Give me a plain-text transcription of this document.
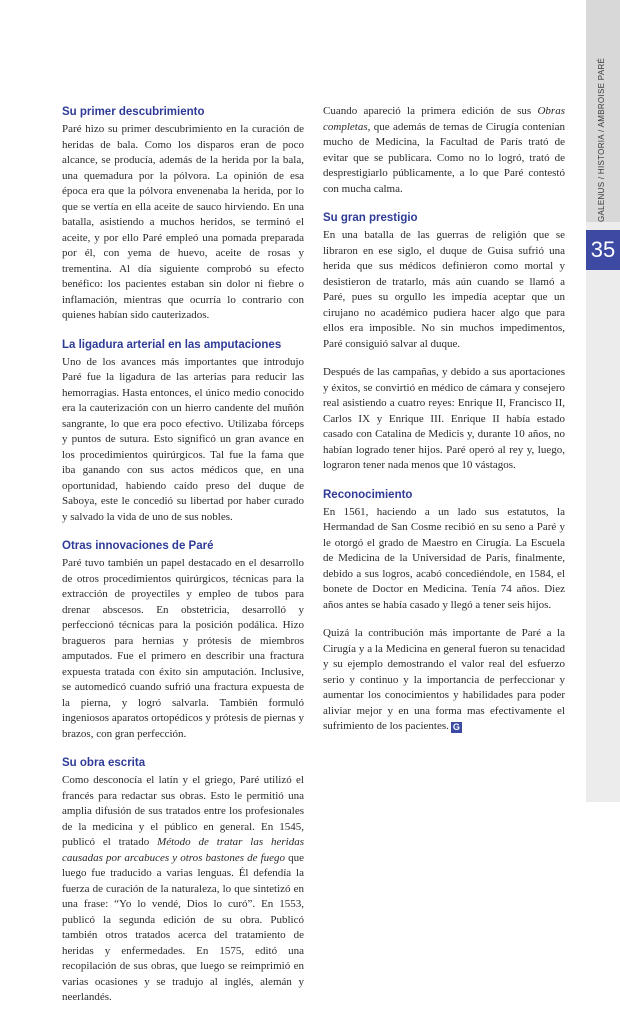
GALENUS / HISTORIA / AMBROISE PARÉ
35
Su primer descubrimiento

Paré hizo su primer descubrimiento en la curación de heridas de bala. Como los disparos eran de poco alcance, se producía, además de la herida por la bala, una quemadura por la pólvora. La opinión de esa época era que la pólvora envenenaba la herida, por lo que se vertía en ella aceite de sauco hirviendo. En una batalla, asistiendo a muchos heridos, se terminó el aceite, y por ello Paré empleó una pomada preparada por él, con yema de huevo, aceite de rosas y trementina. Al día siguiente comprobó su efecto benéfico: los pacientes estaban sin dolor ni fiebre o inflamación, mientras que ocurría lo contrario con quienes habían sido cauterizados.

La ligadura arterial en las amputaciones

Uno de los avances más importantes que introdujo Paré fue la ligadura de las arterias para reducir las hemorragias. Hasta entonces, el único medio conocido era la cauterización con un hierro candente del muñón sangrante, lo que era poco efectivo. Utilizaba fórceps y puntos de sutura. Esto significó un gran avance en los procedimientos quirúrgicos. Tal fue la fama que iba ganando con sus actos médicos que, en una oportunidad, habiendo caído preso del duque de Saboya, este le concedió su libertad por haber curado y salvado la vida de uno de sus nobles.

Otras innovaciones de Paré

Paré tuvo también un papel destacado en el desarrollo de otros procedimientos quirúrgicos, técnicas para la extracción de proyectiles y empleo de tubos para drenar abscesos. En obstetricia, desarrolló y perfeccionó técnicas para la posición podálica. Hizo bragueros para hernias y prótesis de miembros amputados. Fue el primero en describir una fractura expuesta tratada con éxito sin amputación. Inclusive, se automedicó cuando sufrió una fractura expuesta de la pierna, y logró salvarla. También formuló ingeniosos aparatos ortopédicos y prótesis de piernas y brazos, con gran perfección.

Su obra escrita

Como desconocía el latín y el griego, Paré utilizó el francés para redactar sus obras. Esto le permitió una amplia difusión de sus tratados entre los profesionales de la medicina y el público en general. En 1545, publicó el tratado Método de tratar las heridas causadas por arcabuces y otros bastones de fuego que luego fue traducido a varias lenguas. Él defendía la fuerza de curación de la naturaleza, lo que sintetizó en una frase: “Yo lo vendé, Dios lo curó”. En 1553, publicó la segunda edición de su obra. Publicó también otros tratados acerca del tratamiento de heridas y enfermedades. En 1575, editó una recopilación de sus obras, que luego se reimprimió en varias ocasiones y se tradujo al inglés, alemán y neerlandés.

Cuando apareció la primera edición de sus Obras completas, que además de temas de Cirugía contenían mucho de Medicina, la Facultad de París trató de evitar que se publicara. Como no lo logró, trató de desprestigiarlo públicamente, a lo que Paré contestó con mucha calma.

Su gran prestigio

En una batalla de las guerras de religión que se libraron en ese siglo, el duque de Guisa sufrió una herida que sus médicos definieron como mortal y desistieron de tratarlo, más aún cuando se llamó a Paré, pues su orgullo les impedía aceptar que un cirujano no académico pudiera hacer algo que para ellos era imposible. No sin muchos impedimentos, Paré consiguió salvar al duque.

Después de las campañas, y debido a sus aportaciones y éxitos, se convirtió en médico de cámara y consejero real asistiendo a cuatro reyes: Enrique II, Francisco II, Carlos IX y Enrique III. Enrique II había estado casado con Catalina de Medicis y, durante 10 años, no habían logrado tener hijos. Paré operó al rey y, luego, lograron tener nada menos que 10 vástagos.

Reconocimiento

En 1561, haciendo a un lado sus estatutos, la Hermandad de San Cosme recibió en su seno a Paré y le otorgó el grado de Maestro en Cirugía. La Escuela de Medicina de la Universidad de París, finalmente, debido a sus logros, acabó concediéndole, en 1584, el bonete de Doctor en Medicina. Tenía 74 años. Diez años antes se había casado y llegó a tener seis hijos.

Quizá la contribución más importante de Paré a la Cirugía y a la Medicina en general fueron su tenacidad y su ejemplo demostrando el valor real del esfuerzo serio y continuo y la importancia de perfeccionar y aumentar los conocimientos y habilidades para poder aliviar mejor y en una forma mas efectivamente el sufrimiento de los pacientes. G
